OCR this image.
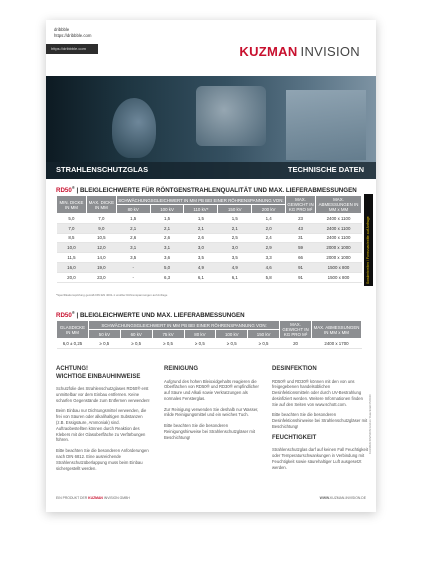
dribbble
https://dribbble.com
https://dribbble.com	KUZMAN INVISION
STRAHLENSCHUTZGLAS	TECHNISCHE DATEN
RD50® | BLEIGLEICHWERTE FÜR RÖNTGENSTRAHLENQUALITÄT UND MAX. LIEFERABMESSUNGEN
MIN. DICKE IN MM	MAX. DICKE IN MM	SCHWÄCHUNGSGLEICHWERT IN MM PB BEI EINER RÖHRENSPANNUNG VON:					MAX. GEWICHT IN KG PRO M²	MAX. ABMESSUNGEN IN MM x MM
		80 kV	100 kV	110 kV*	150 kV	200 kV		
5,0	7,0	1,5	1,5	1,5	1,5	1,4	23	2400 x 1100
7,0	9,0	2,1	2,1	2,1	2,1	2,0	43	2400 x 1100
8,5	10,5	2,6	2,6	2,6	2,5	2,4	31	2400 x 1100
10,0	12,0	3,1	3,1	3,0	3,0	2,9	59	2000 x 1000
11,5	14,0	3,5	3,6	3,5	3,5	3,3	66	2000 x 1000
16,0	19,0	-	5,0	4,9	4,9	4,6	91	1500 x 800
20,0	23,0	-	6,3	6,1	6,1	5,8	91	1500 x 800
*Spezifikationsprüfung gemäß DIN EN 4031-1 und/der Röhrenspannungen auf Anfrage
Sonderbreiten / Formzuschnitte auf Anfrage
RD50® | BLEIGLEICHWERTE UND MAX. LIEFERABMESSUNGEN
GLASDICKE IN MM	SCHWÄCHUNGSGLEICHWERT IN MM PB BEI EINER RÖHRENSPANNUNG VON:						MAX. GEWICHT IN KG PRO M²	MAX. ABMESSUNGEN IN MM x MM
	50 kV	60 kV	75 kV	80 kV	100 kV	150 kV		
6,0 ± 0,25	≥ 0,5	≥ 0,5	≥ 0,5	≥ 0,5	≥ 0,5	≥ 0,5	20	2400 x 1700
ACHTUNG!
WICHTIGE EINBAUHINWEISE

Schutzfolie des Strahlenschutzglases RD50® erst unmittelbar vor dem Einbau entfernen. Keine scharfen Gegenstände zum Entfernen verwenden!

Beim Einbau nur Dichtungsmittel verwenden, die frei von Säuren oder alkalihaltigen Substanzen (z.B. Essigsäure, Ammoniak) sind. Auftraobestellten können durch Reaktion des Klebers mit der Glasoberfläche zu Verfärbungen führen.

Bitte beachten Sie die besonderen Anforderungen nach DIN 6812. Eine ausreichende Strahlenschutzüberlappung muss beim Einbau sichergestellt werden.

REINIGUNG

Aufgrund des hohen Bleioxidgehalts reagieren die Oberflächen von RD50® und RD30® empfindlicher auf Säure und Alkali sowie Verkratzungen als normales Fensterglas.

Zur Reinigung verwenden Sie deshalb nur Wasser, milde Reinigungsmittel und ein weiches Tuch.

Bitte beachten Sie die besonderen Reinigungshinweise bei Strahlenschutzgläser mit Beschichtung!

DESINFEKTION

RD50® und RD30® können mit den von uns freigegebenen handelsüblichen Desinfektionsmitteln oder durch UV-Bestrahlung desinfiziert werden. Weitere Informationen finden Sie auf den Seiten von www.schott.com.

Bitte beachten Sie die besonderen Desinfektionshinweise bei Strahlenschutzgläser mit Beschichtung!

FEUCHTIGKEIT

Strahlenschutzglas darf auf keinen Fall Feuchtigkeit oder Temperaturschwankungen in Verbindung mit Feuchtigkeit sowie säurehaltiger Luft ausgesetzt werden.

KUZMAN INVISION GmbH / Datenblatt 05/2020
EIN PRODUKT DER KUZMAN INVISION GMBH	WWW.KUZMAN-INVISION.DE
